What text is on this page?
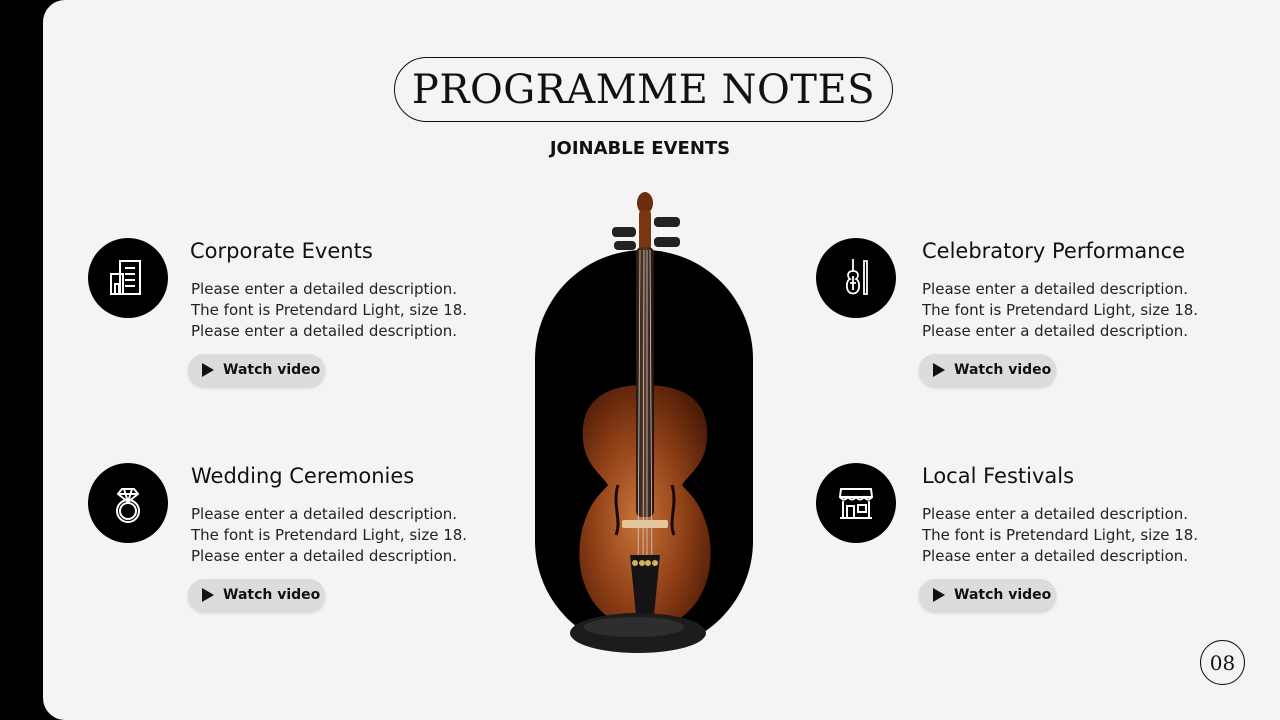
PROGRAMME NOTES
JOINABLE EVENTS
Corporate Events
Please enter a detailed description.
The font is Pretendard Light, size 18.
Please enter a detailed description.
Watch video
Wedding Ceremonies
Please enter a detailed description.
The font is Pretendard Light, size 18.
Please enter a detailed description.
Watch video
Celebratory Performance
Please enter a detailed description.
The font is Pretendard Light, size 18.
Please enter a detailed description.
Watch video
Local Festivals
Please enter a detailed description.
The font is Pretendard Light, size 18.
Please enter a detailed description.
Watch video
08
